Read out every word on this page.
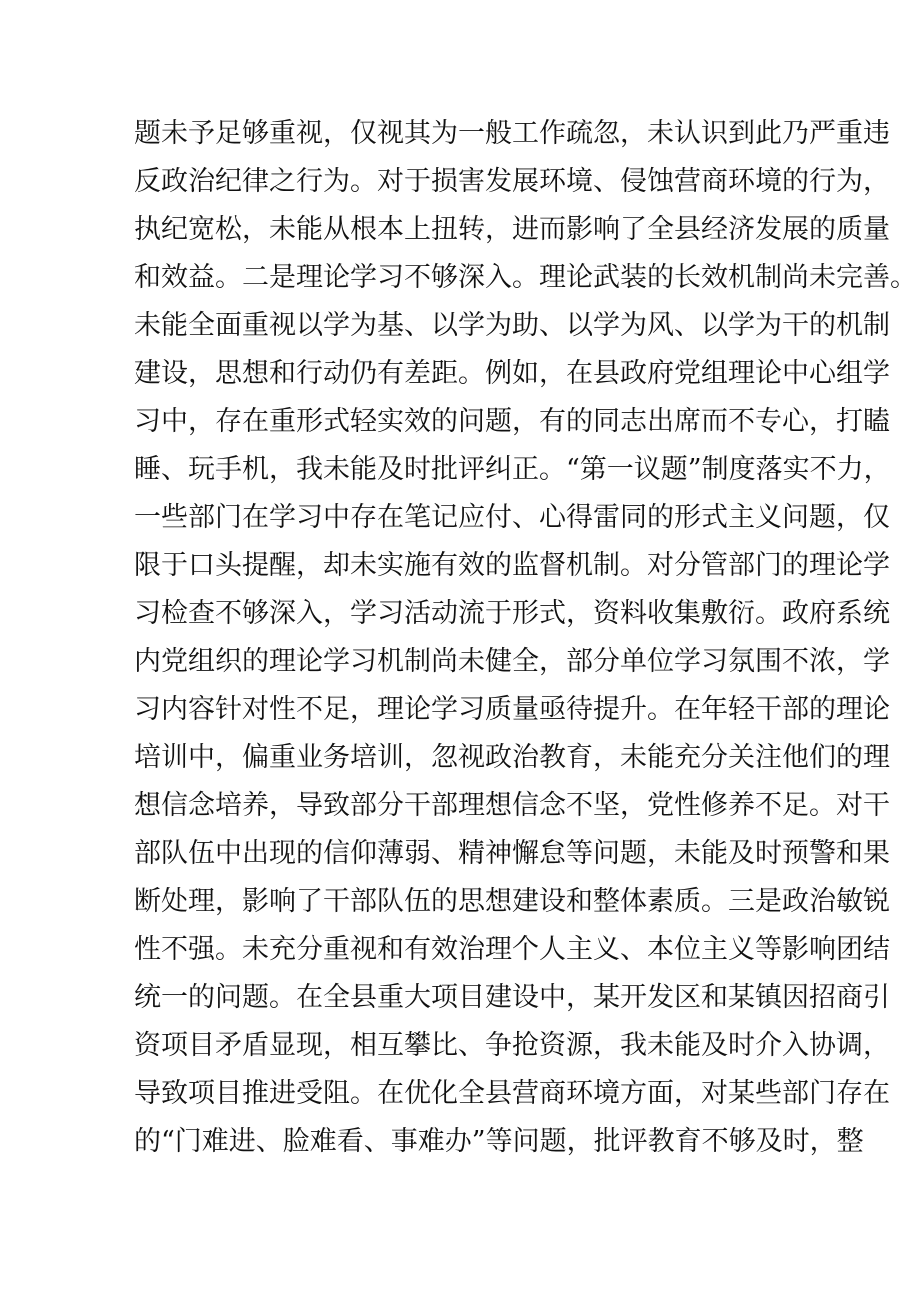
题未予足够重视，仅视其为一般工作疏忽，未认识到此乃严重违
反政治纪律之行为。对于损害发展环境、侵蚀营商环境的行为，
执纪宽松，未能从根本上扭转，进而影响了全县经济发展的质量
和效益。二是理论学习不够深入。理论武装的长效机制尚未完善。
未能全面重视以学为基、以学为助、以学为风、以学为干的机制
建设，思想和行动仍有差距。例如，在县政府党组理论中心组学
习中，存在重形式轻实效的问题，有的同志出席而不专心，打瞌
睡、玩手机，我未能及时批评纠正。“第一议题”制度落实不力，
一些部门在学习中存在笔记应付、心得雷同的形式主义问题，仅
限于口头提醒，却未实施有效的监督机制。对分管部门的理论学
习检查不够深入，学习活动流于形式，资料收集敷衍。政府系统
内党组织的理论学习机制尚未健全，部分单位学习氛围不浓，学
习内容针对性不足，理论学习质量亟待提升。在年轻干部的理论
培训中，偏重业务培训，忽视政治教育，未能充分关注他们的理
想信念培养，导致部分干部理想信念不坚，党性修养不足。对干
部队伍中出现的信仰薄弱、精神懈怠等问题，未能及时预警和果
断处理，影响了干部队伍的思想建设和整体素质。三是政治敏锐
性不强。未充分重视和有效治理个人主义、本位主义等影响团结
统一的问题。在全县重大项目建设中，某开发区和某镇因招商引
资项目矛盾显现，相互攀比、争抢资源，我未能及时介入协调，
导致项目推进受阻。在优化全县营商环境方面，对某些部门存在
的“门难进、脸难看、事难办”等问题，批评教育不够及时，整
